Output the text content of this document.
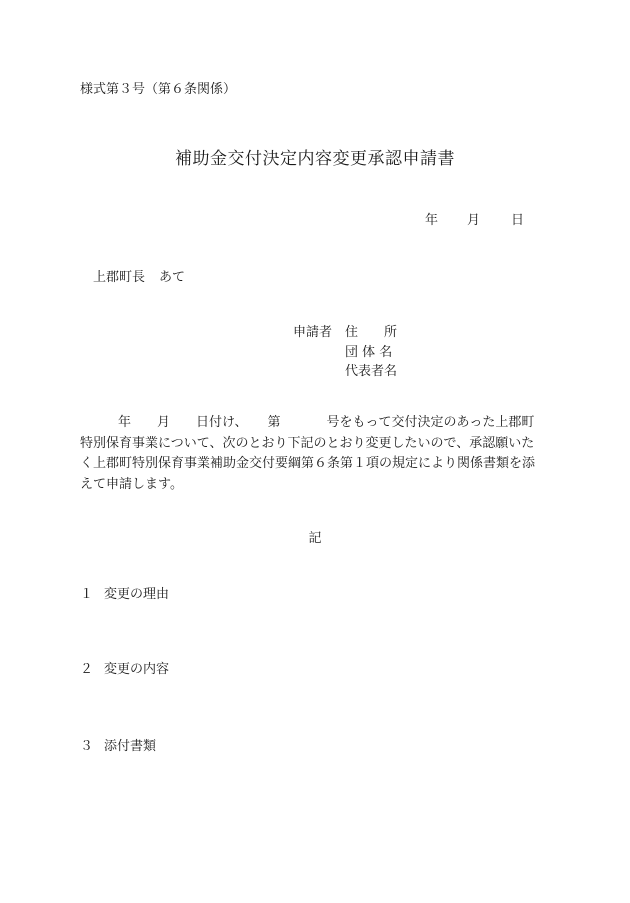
様式第３号（第６条関係）
補助金交付決定内容変更承認申請書
年 月 日
上郡町長 あて
申請者 住　　所
団 体 名
代表者名
年 月 日付け、 第	号をもって交付決定のあった上郡町
特別保育事業について、次のとおり下記のとおり変更したいので、承認願いた
く上郡町特別保育事業補助金交付要綱第６条第１項の規定により関係書類を添
えて申請します。
記
１ 変更の理由
２ 変更の内容
３ 添付書類
